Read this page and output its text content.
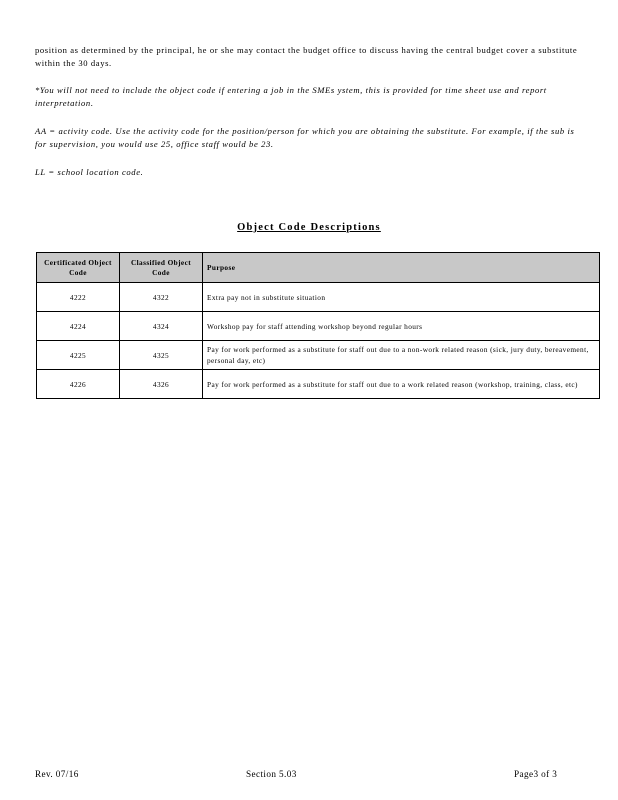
position as determined by the principal, he or she may contact the budget office to discuss having the central budget cover a substitute within the 30 days.

*You will not need to include the object code if entering a job in the SMEs ystem, this is provided for time sheet use and report interpretation.

AA = activity code. Use the activity code for the position/person for which you are obtaining the substitute. For example, if the sub is for supervision, you would use 25, office staff would be 23.

LL = school location code.

Object Code Descriptions
Certificated Object Code	Classified Object Code	Purpose
4222	4322	Extra pay not in substitute situation
4224	4324	Workshop pay for staff attending workshop beyond regular hours
4225	4325	Pay for work performed as a substitute for staff out due to a non-work related reason (sick, jury duty, bereavement, personal day, etc)
4226	4326	Pay for work performed as a substitute for staff out due to a work related reason (workshop, training, class, etc)
Rev. 07/16	Section 5.03	Page3 of 3
